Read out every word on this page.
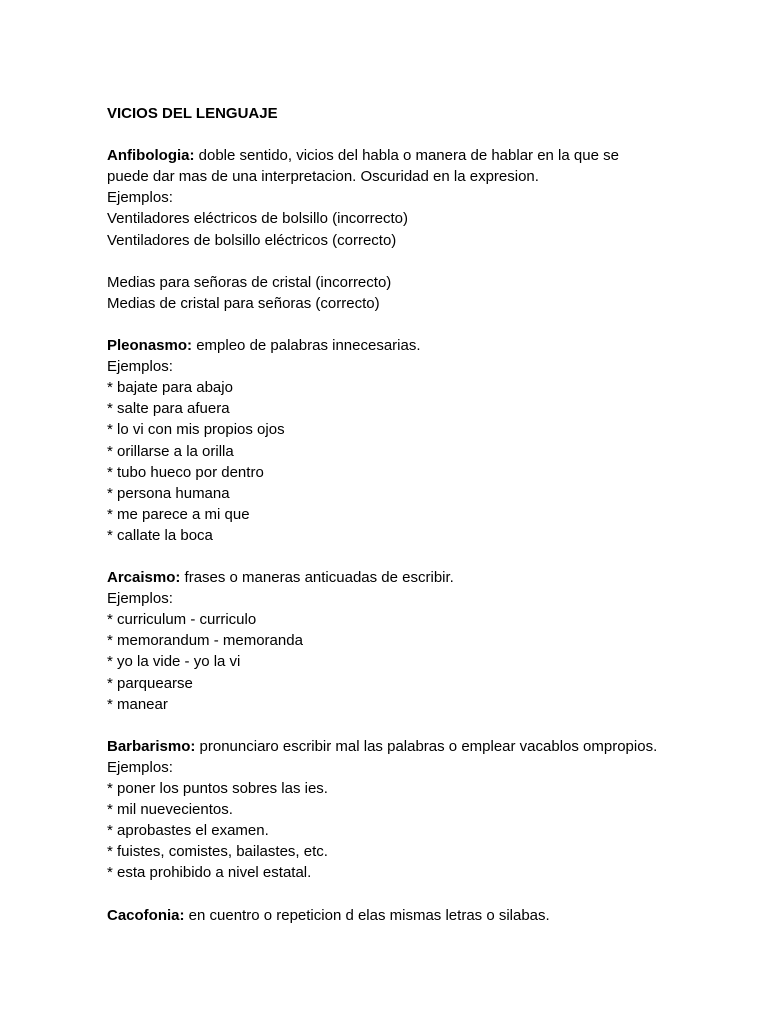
VICIOS DEL LENGUAJE
Anfibologia: doble sentido, vicios del habla o manera de hablar en la que se
puede dar mas de una interpretacion. Oscuridad en la expresion.
Ejemplos:
Ventiladores eléctricos de bolsillo (incorrecto)
Ventiladores de bolsillo eléctricos (correcto)
Medias para señoras de cristal (incorrecto)
Medias de cristal para señoras (correcto)
Pleonasmo: empleo de palabras innecesarias.
Ejemplos:
* bajate para abajo
* salte para afuera
* lo vi con mis propios ojos
* orillarse a la orilla
* tubo hueco por dentro
* persona humana
* me parece a mi que
* callate la boca
Arcaismo: frases o maneras anticuadas de escribir.
Ejemplos:
* curriculum - curriculo
* memorandum - memoranda
* yo la vide - yo la vi
* parquearse
* manear
Barbarismo: pronunciaro escribir mal las palabras o emplear vacablos ompropios.
Ejemplos:
* poner los puntos sobres las ies.
* mil nuevecientos.
* aprobastes el examen.
* fuistes, comistes, bailastes, etc.
* esta prohibido a nivel estatal.
Cacofonia: en cuentro o repeticion d elas mismas letras o silabas.
